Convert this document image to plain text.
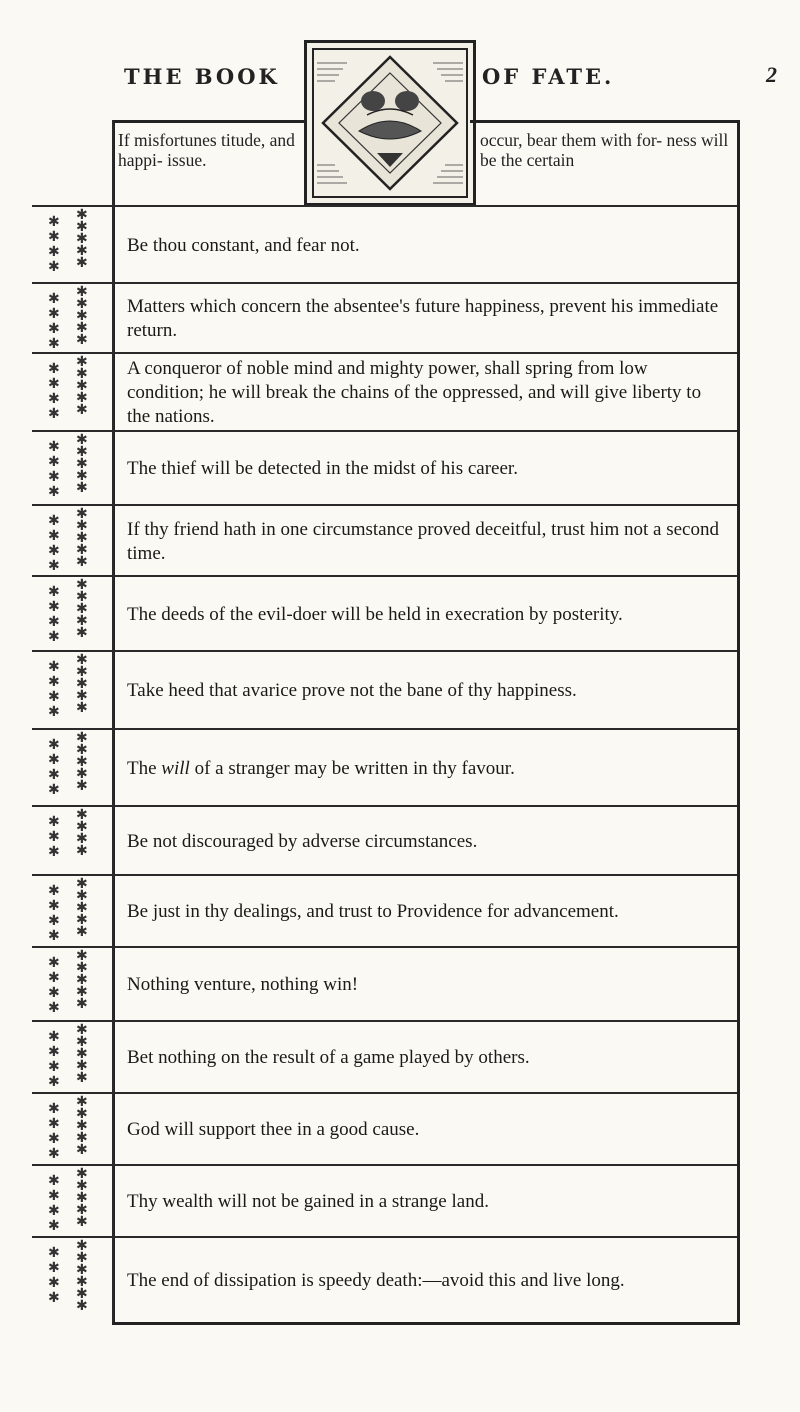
THE BOOK	OF FATE.	2
If misfortunes titude, and happi- issue.
occur, bear them with for- ness will be the certain
✱
✱
✱
✱
✱
✱
✱
✱
✱
Be thou constant, and fear not.
✱
✱
✱
✱
✱
✱
✱
✱
✱
Matters which concern the absentee's future happiness, prevent his immediate return.
✱
✱
✱
✱
✱
✱
✱
✱
✱
A conqueror of noble mind and mighty power, shall spring from low condition; he will break the chains of the oppressed, and will give liberty to the nations.
✱
✱
✱
✱
✱
✱
✱
✱
✱
The thief will be detected in the midst of his career.
✱
✱
✱
✱
✱
✱
✱
✱
✱
If thy friend hath in one circumstance proved deceitful, trust him not a second time.
✱
✱
✱
✱
✱
✱
✱
✱
✱
The deeds of the evil-doer will be held in execration by posterity.
✱
✱
✱
✱
✱
✱
✱
✱
✱
Take heed that avarice prove not the bane of thy happiness.
✱
✱
✱
✱
✱
✱
✱
✱
✱
The will of a stranger may be written in thy favour.
✱
✱
✱
✱
✱
✱
✱ Be not discouraged by adverse circumstances.
✱
✱
✱
✱
✱
✱
✱
✱
✱
Be just in thy dealings, and trust to Providence for advancement.
✱
✱
✱
✱
✱
✱
✱
✱
✱
Nothing venture, nothing win!
✱
✱
✱
✱
✱
✱
✱
✱
✱
Bet nothing on the result of a game played by others.
✱
✱
✱
✱
✱
✱
✱
✱
✱
God will support thee in a good cause.
✱
✱
✱
✱
✱
✱
✱
✱
✱
Thy wealth will not be gained in a strange land.
✱
✱
✱
✱
✱
✱
✱
✱
✱
✱
The end of dissipation is speedy death:—avoid this and live long.
